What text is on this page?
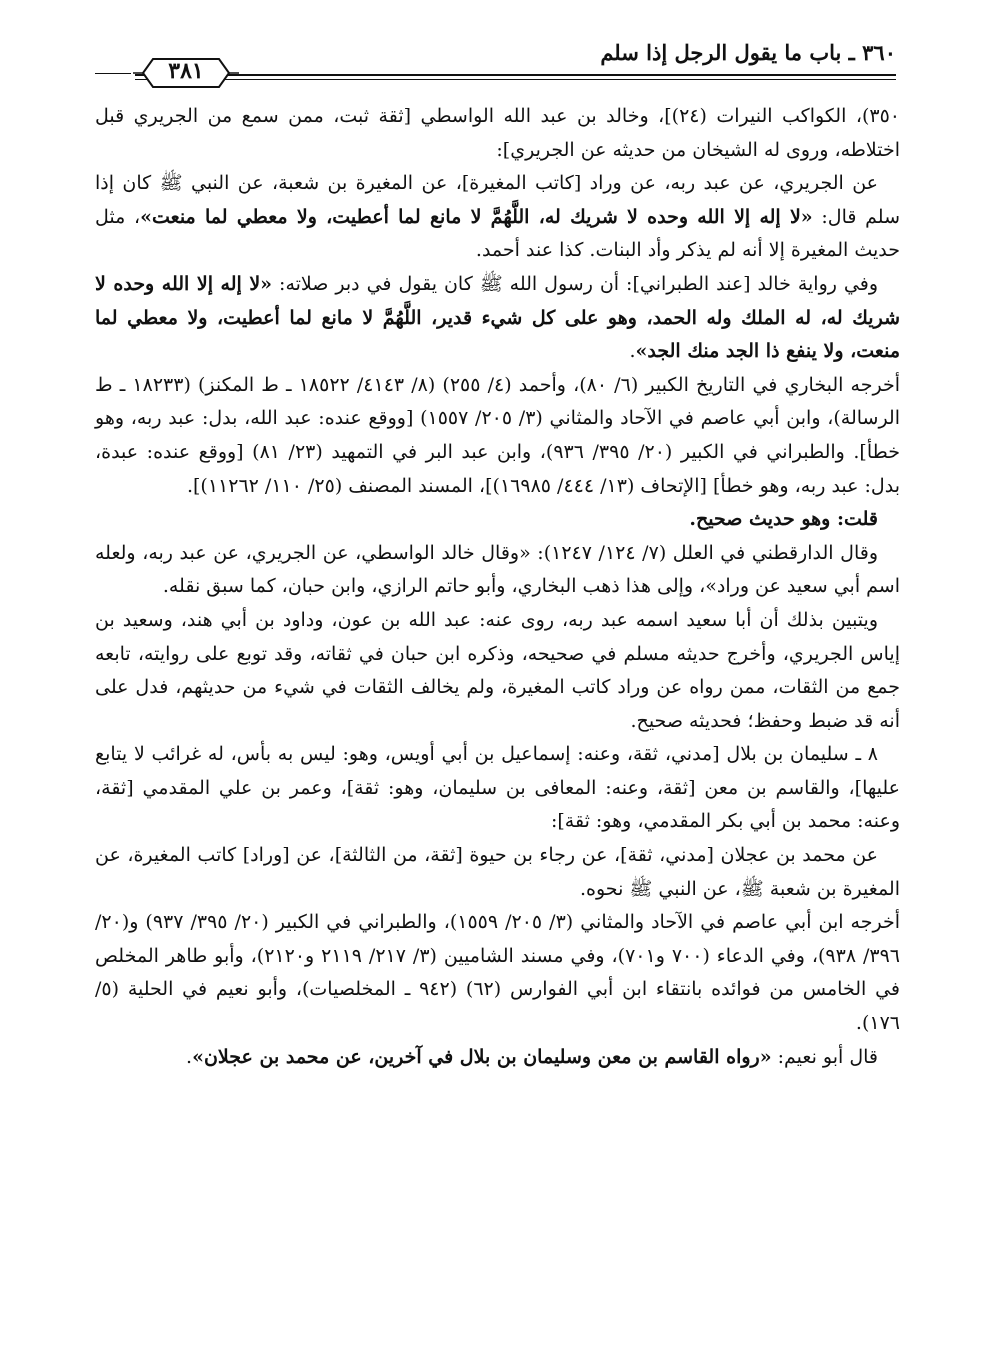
٣٦٠ ـ باب ما يقول الرجل إذا سلم
٣٨١

٣٥٠)، الكواكب النيرات (٢٤)]، وخالد بن عبد الله الواسطي [ثقة ثبت، ممن سمع من الجريري قبل اختلاطه، وروى له الشيخان من حديثه عن الجريري]:

عن الجريري، عن عبد ربه، عن وراد [كاتب المغيرة]، عن المغيرة بن شعبة، عن النبي ﷺ كان إذا سلم قال: «لا إله إلا الله وحده لا شريك له، اللَّهُمَّ لا مانع لما أعطيت، ولا معطي لما منعت»، مثل حديث المغيرة إلا أنه لم يذكر وأد البنات. كذا عند أحمد.

وفي رواية خالد [عند الطبراني]: أن رسول الله ﷺ كان يقول في دبر صلاته: «لا إله إلا الله وحده لا شريك له، له الملك وله الحمد، وهو على كل شيء قدير، اللَّهُمَّ لا مانع لما أعطيت، ولا معطي لما منعت، ولا ينفع ذا الجد منك الجد».

أخرجه البخاري في التاريخ الكبير (٦/ ٨٠)، وأحمد (٤/ ٢٥٥) (٨/ ٤١٤٣/ ١٨٥٢٢ ـ ط المكنز) (١٨٢٣٣ ـ ط الرسالة)، وابن أبي عاصم في الآحاد والمثاني (٣/ ٢٠٥/ ١٥٥٧) [ووقع عنده: عبد الله، بدل: عبد ربه، وهو خطأ]. والطبراني في الكبير (٢٠/ ٣٩٥/ ٩٣٦)، وابن عبد البر في التمهيد (٢٣/ ٨١) [ووقع عنده: عبدة، بدل: عبد ربه، وهو خطأ] [الإتحاف (١٣/ ٤٤٤/ ١٦٩٨٥)]، المسند المصنف (٢٥/ ١١٠/ ١١٢٦٢)].

قلت: وهو حديث صحيح.

وقال الدارقطني في العلل (٧/ ١٢٤/ ١٢٤٧): «وقال خالد الواسطي، عن الجريري، عن عبد ربه، ولعله اسم أبي سعيد عن وراد»، وإلى هذا ذهب البخاري، وأبو حاتم الرازي، وابن حبان، كما سبق نقله.

ويتبين بذلك أن أبا سعيد اسمه عبد ربه، روى عنه: عبد الله بن عون، وداود بن أبي هند، وسعيد بن إياس الجريري، وأخرج حديثه مسلم في صحيحه، وذكره ابن حبان في ثقاته، وقد توبع على روايته، تابعه جمع من الثقات، ممن رواه عن وراد كاتب المغيرة، ولم يخالف الثقات في شيء من حديثهم، فدل على أنه قد ضبط وحفظ؛ فحديثه صحيح.

٨ ـ سليمان بن بلال [مدني، ثقة، وعنه: إسماعيل بن أبي أويس، وهو: ليس به بأس، له غرائب لا يتابع عليها]، والقاسم بن معن [ثقة، وعنه: المعافى بن سليمان، وهو: ثقة]، وعمر بن علي المقدمي [ثقة، وعنه: محمد بن أبي بكر المقدمي، وهو: ثقة]:

عن محمد بن عجلان [مدني، ثقة]، عن رجاء بن حيوة [ثقة، من الثالثة]، عن [وراد] كاتب المغيرة، عن المغيرة بن شعبة ﷺ، عن النبي ﷺ نحوه.

أخرجه ابن أبي عاصم في الآحاد والمثاني (٣/ ٢٠٥/ ١٥٥٩)، والطبراني في الكبير (٢٠/ ٣٩٥/ ٩٣٧) و(٢٠/ ٣٩٦/ ٩٣٨)، وفي الدعاء (٧٠٠ و٧٠١)، وفي مسند الشاميين (٣/ ٢١٧/ ٢١١٩ و٢١٢٠)، وأبو طاهر المخلص في الخامس من فوائده بانتقاء ابن أبي الفوارس (٦٢) (٩٤٢ ـ المخلصيات)، وأبو نعيم في الحلية (٥/ ١٧٦).

قال أبو نعيم: «رواه القاسم بن معن وسليمان بن بلال في آخرين، عن محمد بن عجلان».
